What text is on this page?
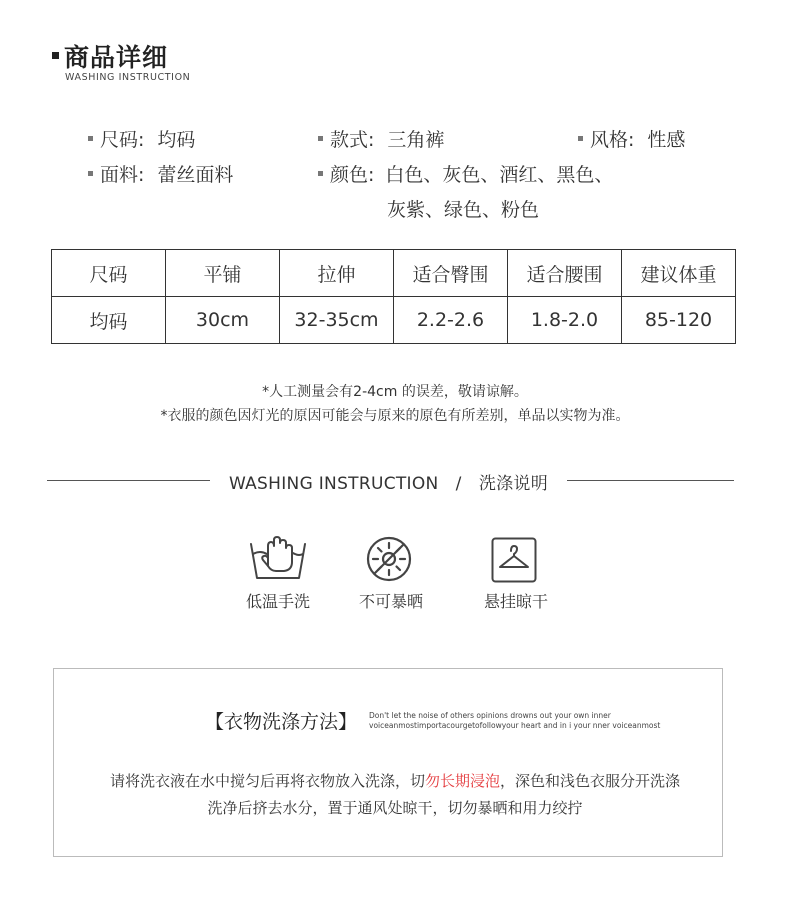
商品详细
WASHING INSTRUCTION
尺码: 均码	款式: 三角裤	风格: 性感
面料: 蕾丝面料	颜色: 白色、灰色、酒红、黑色、
灰紫、绿色、粉色
尺码	平铺	拉伸	适合臀围	适合腰围	建议体重
均码	30cm	32-35cm	2.2-2.6	1.8-2.0	85-120
*人工测量会有2-4cm 的误差，敬请谅解。
*衣服的颜色因灯光的原因可能会与原来的原色有所差别，单品以实物为准。
WASHING INSTRUCTION   /   洗涤说明
低温手洗	不可暴晒	悬挂晾干
【衣物洗涤方法】 Don't let the noise of others opinions drowns out your own inner
voiceanmostimportacourgetofollowyour heart and in i your nner voiceanmost
请将洗衣液在水中搅匀后再将衣物放入洗涤，切勿长期浸泡，深色和浅色衣服分开洗涤
洗净后挤去水分，置于通风处晾干，切勿暴晒和用力绞拧
